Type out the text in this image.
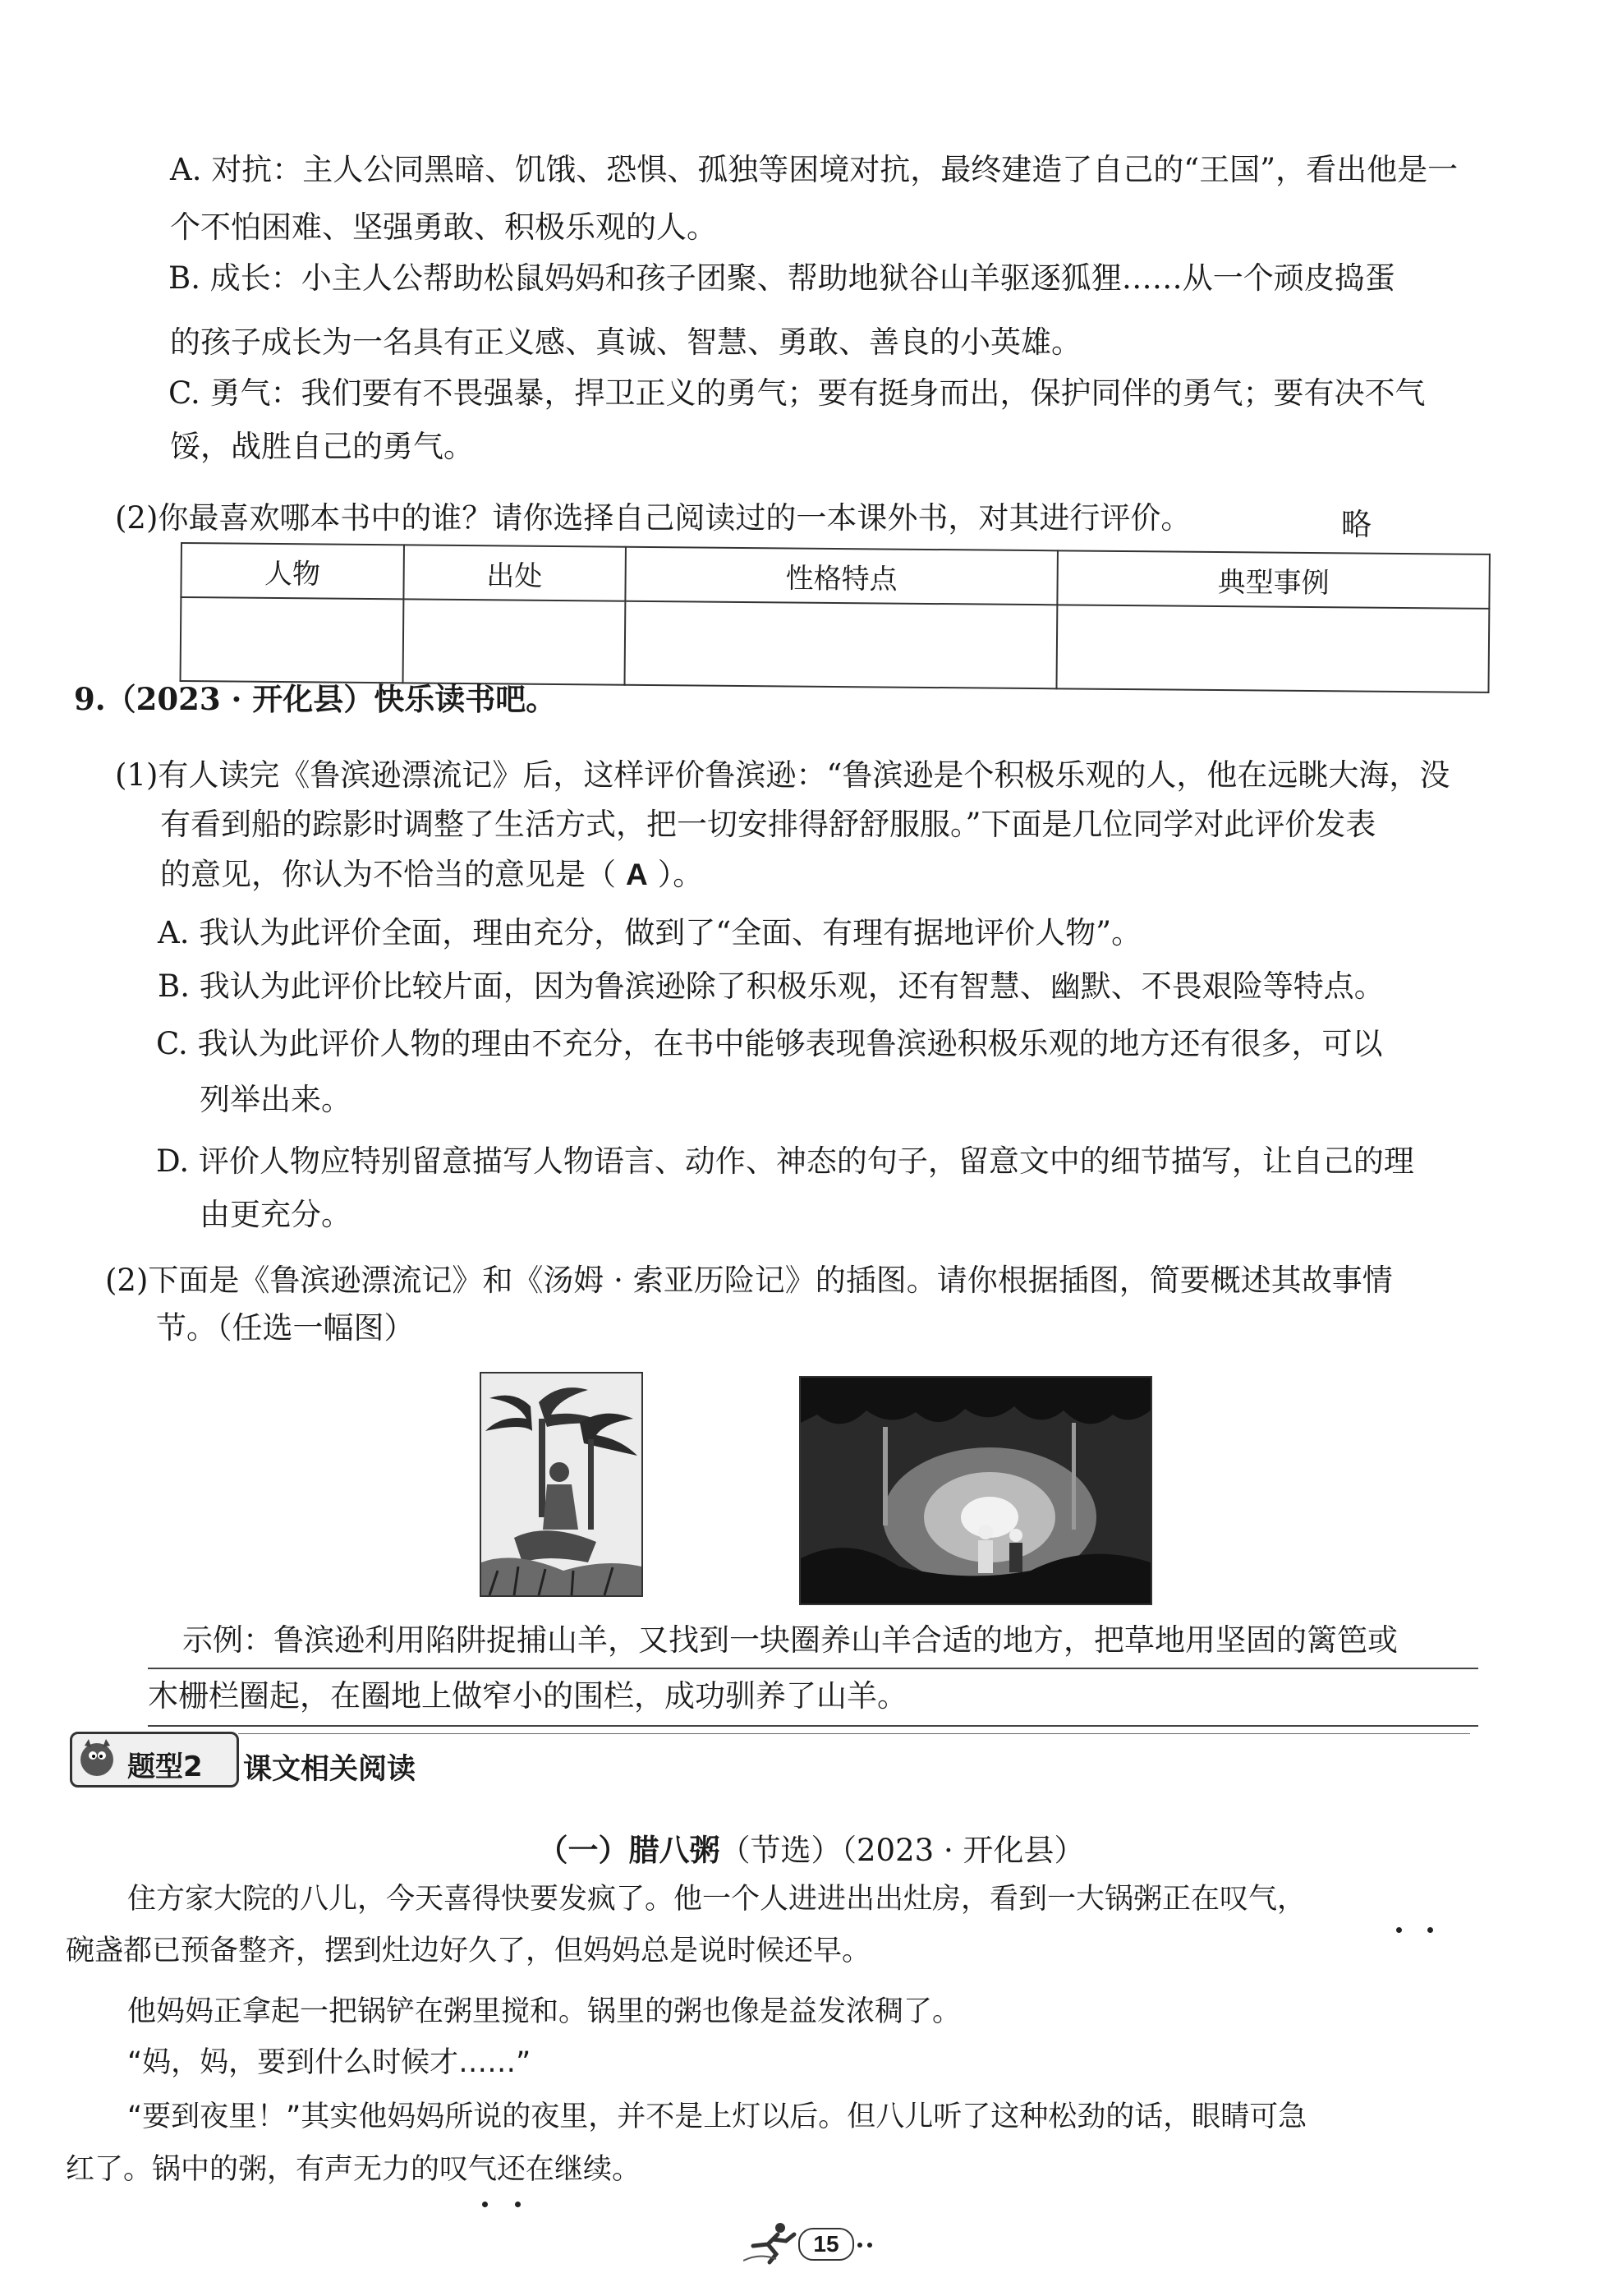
A. 对抗：主人公同黑暗、饥饿、恐惧、孤独等困境对抗，最终建造了自己的“王国”，看出他是一
个不怕困难、坚强勇敢、积极乐观的人。
B. 成长：小主人公帮助松鼠妈妈和孩子团聚、帮助地狱谷山羊驱逐狐狸……从一个顽皮捣蛋
的孩子成长为一名具有正义感、真诚、智慧、勇敢、善良的小英雄。
C. 勇气：我们要有不畏强暴，捍卫正义的勇气；要有挺身而出，保护同伴的勇气；要有决不气
馁，战胜自己的勇气。
(2)你最喜欢哪本书中的谁？请你选择自己阅读过的一本课外书，对其进行评价。	略
人物	出处	性格特点	典型事例

9.（2023 · 开化县）快乐读书吧。
(1)有人读完《鲁滨逊漂流记》后，这样评价鲁滨逊：“鲁滨逊是个积极乐观的人，他在远眺大海，没
有看到船的踪影时调整了生活方式，把一切安排得舒舒服服。”下面是几位同学对此评价发表
的意见，你认为不恰当的意见是（ A ）。
A. 我认为此评价全面，理由充分，做到了“全面、有理有据地评价人物”。
B. 我认为此评价比较片面，因为鲁滨逊除了积极乐观，还有智慧、幽默、不畏艰险等特点。
C. 我认为此评价人物的理由不充分，在书中能够表现鲁滨逊积极乐观的地方还有很多，可以
列举出来。
D. 评价人物应特别留意描写人物语言、动作、神态的句子，留意文中的细节描写，让自己的理
由更充分。
(2)下面是《鲁滨逊漂流记》和《汤姆 · 索亚历险记》的插图。请你根据插图，简要概述其故事情
节。（任选一幅图）
示例：鲁滨逊利用陷阱捉捕山羊，又找到一块圈养山羊合适的地方，把草地用坚固的篱笆或
木栅栏圈起，在圈地上做窄小的围栏，成功驯养了山羊。
题型2 课文相关阅读
（一）腊八粥（节选）（2023 · 开化县）
住方家大院的八儿，今天喜得快要发疯了。他一个人进进出出灶房，看到一大锅粥正在叹气，
碗盏都已预备整齐，摆到灶边好久了，但妈妈总是说时候还早。
他妈妈正拿起一把锅铲在粥里搅和。锅里的粥也像是益发浓稠了。
“妈，妈，要到什么时候才……”
“要到夜里！”其实他妈妈所说的夜里，并不是上灯以后。但八儿听了这种松劲的话，眼睛可急
红了。锅中的粥，有声无力的叹气还在继续。
15
